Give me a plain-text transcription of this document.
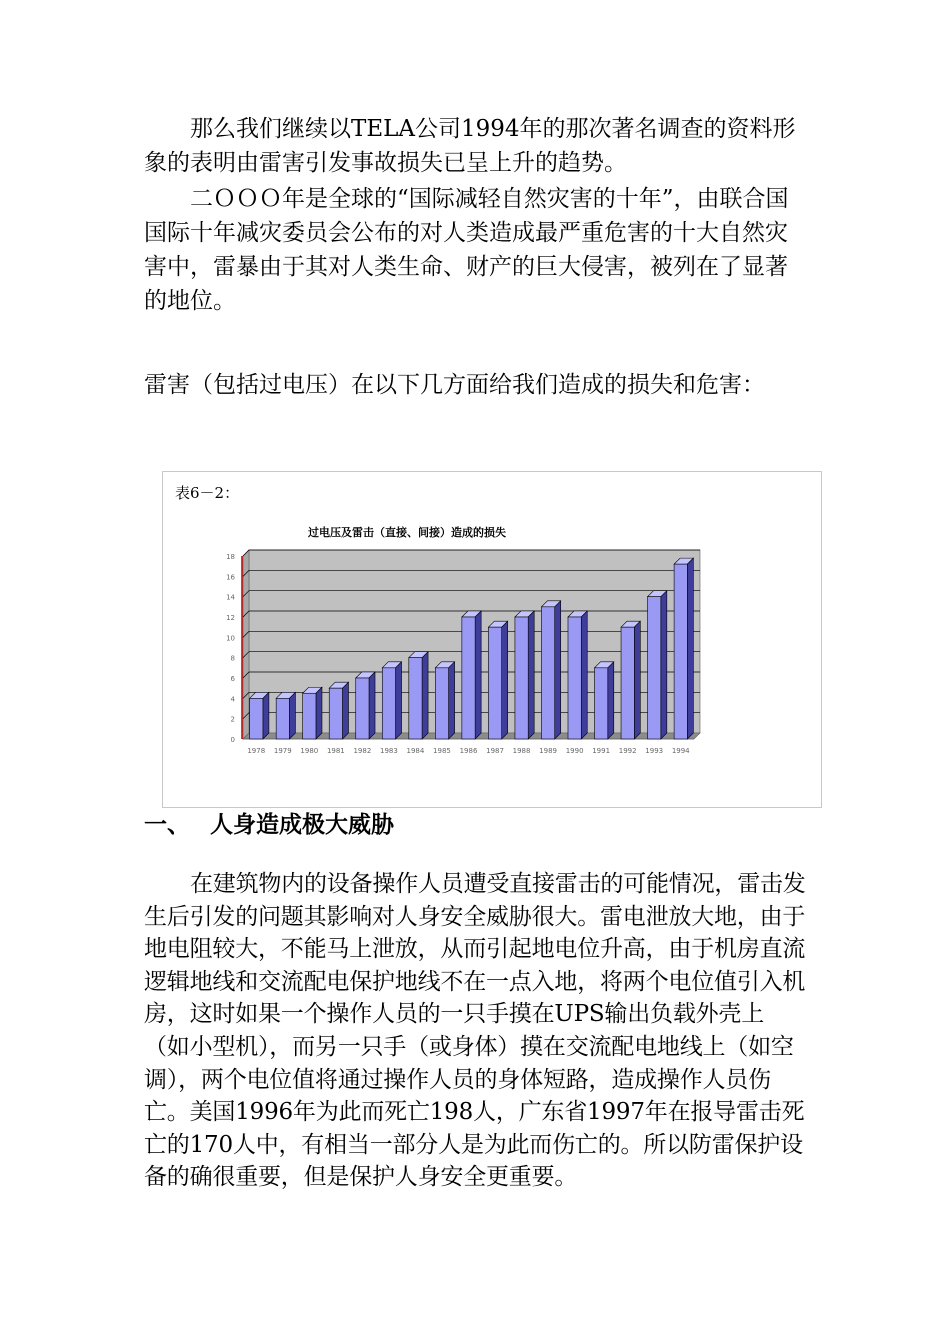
那么我们继续以TELA公司1994年的那次著名调查的资料形象的表明由雷害引发事故损失已呈上升的趋势。

二ＯＯＯ年是全球的“国际减轻自然灾害的十年”，由联合国国际十年减灾委员会公布的对人类造成最严重危害的十大自然灾害中，雷暴由于其对人类生命、财产的巨大侵害，被列在了显著的地位。

雷害（包括过电压）在以下几方面给我们造成的损失和危害：

表6－2：
过电压及雷击（直接、间接）造成的损失
0
2
4
6
8
10
12
14
16
18
1978 1979 1980 1981 1982 1983 1984 1985 1986 1987 1988 1989 1990 1991 1992 1993 1994
一、 人身造成极大威胁

在建筑物内的设备操作人员遭受直接雷击的可能情况，雷击发生后引发的问题其影响对人身安全威胁很大。雷电泄放大地，由于地电阻较大，不能马上泄放，从而引起地电位升高，由于机房直流逻辑地线和交流配电保护地线不在一点入地，将两个电位值引入机房，这时如果一个操作人员的一只手摸在UPS输出负载外壳上（如小型机），而另一只手（或身体）摸在交流配电地线上（如空调），两个电位值将通过操作人员的身体短路，造成操作人员伤亡。美国1996年为此而死亡198人，广东省1997年在报导雷击死亡的170人中，有相当一部分人是为此而伤亡的。所以防雷保护设备的确很重要，但是保护人身安全更重要。
